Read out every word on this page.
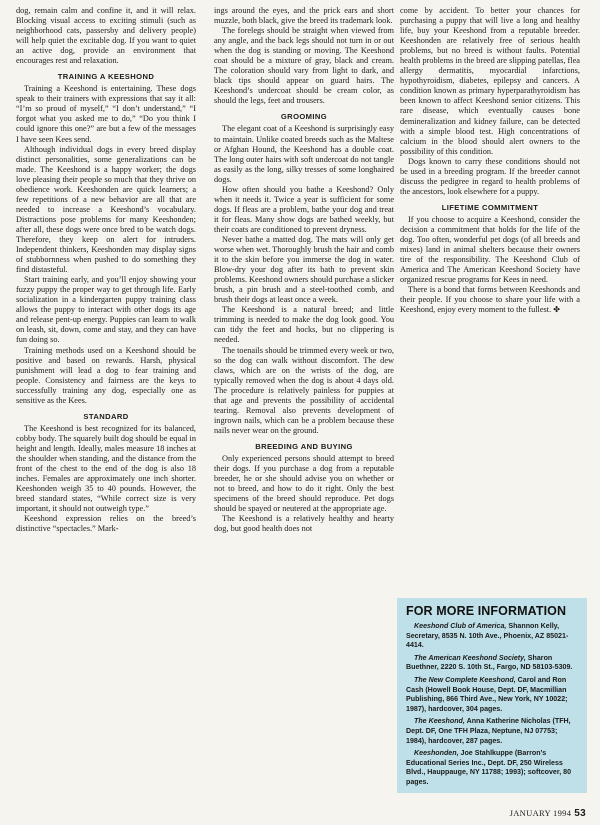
dog, remain calm and confine it, and it will relax. Blocking visual access to exciting stimuli (such as neighborhood cats, passersby and delivery people) will help quiet the excitable dog. If you want to quiet an active dog, provide an environment that encourages rest and relaxation.

TRAINING A KEESHOND

Training a Keeshond is entertaining. These dogs speak to their trainers with expressions that say it all: “I’m so proud of myself,” “I don’t understand,” “I forgot what you asked me to do,” “Do you think I could ignore this one?” are but a few of the messages I have seen Kees send.

Although individual dogs in every breed display distinct personalities, some generalizations can be made. The Keeshond is a happy worker; the dogs love pleasing their people so much that they thrive on obedience work. Keeshonden are quick learners; a few repetitions of a new behavior are all that are needed to increase a Keeshond’s vocabulary. Distractions pose problems for many Keeshonden; after all, these dogs were once bred to be watch dogs. Therefore, they keep on alert for intruders. Independent thinkers, Keeshonden may display signs of stubbornness when pushed to do something they find distasteful.

Start training early, and you’ll enjoy showing your fuzzy puppy the proper way to get through life. Early socialization in a kindergarten puppy training class allows the puppy to interact with other dogs its age and release pent-up energy. Puppies can learn to walk on leash, sit, down, come and stay, and they can have fun doing so.

Training methods used on a Keeshond should be positive and based on rewards. Harsh, physical punishment will lead a dog to fear training and people. Consistency and fairness are the keys to successfully training any dog, especially one as sensitive as the Kees.

STANDARD

The Keeshond is best recognized for its balanced, cobby body. The squarely built dog should be equal in height and length. Ideally, males measure 18 inches at the shoulder when standing, and the distance from the front of the chest to the end of the dog is also 18 inches. Females are approximately one inch shorter. Keeshonden weigh 35 to 40 pounds. However, the breed standard states, “While correct size is very important, it should not outweigh type.”

Keeshond expression relies on the breed’s distinctive “spectacles.” Mark-

ings around the eyes, and the prick ears and short muzzle, both black, give the breed its trademark look.

The forelegs should be straight when viewed from any angle, and the back legs should not turn in or out when the dog is standing or moving. The Keeshond coat should be a mixture of gray, black and cream. The coloration should vary from light to dark, and black tips should appear on guard hairs. The Keeshond’s undercoat should be cream color, as should the legs, feet and trousers.

GROOMING

The elegant coat of a Keeshond is surprisingly easy to maintain. Unlike coated breeds such as the Maltese or Afghan Hound, the Keeshond has a double coat. The long outer hairs with soft undercoat do not tangle as easily as the long, silky tresses of some longhaired dogs.

How often should you bathe a Keeshond? Only when it needs it. Twice a year is sufficient for some dogs. If fleas are a problem, bathe your dog and treat it for fleas. Many show dogs are bathed weekly, but their coats are conditioned to prevent dryness.

Never bathe a matted dog. The mats will only get worse when wet. Thoroughly brush the hair and comb it to the skin before you immerse the dog in water. Blow-dry your dog after its bath to prevent skin problems. Keeshond owners should purchase a slicker brush, a pin brush and a steel-toothed comb, and brush their dogs at least once a week.

The Keeshond is a natural breed; and little trimming is needed to make the dog look good. You can tidy the feet and hocks, but no clippering is needed.

The toenails should be trimmed every week or two, so the dog can walk without discomfort. The dew claws, which are on the wrists of the dog, are typically removed when the dog is about 4 days old. The procedure is relatively painless for puppies at that age and prevents the possibility of accidental tearing. Removal also prevents development of ingrown nails, which can be a problem because these nails never wear on the ground.

BREEDING AND BUYING

Only experienced persons should attempt to breed their dogs. If you purchase a dog from a reputable breeder, he or she should advise you on whether or not to breed, and how to do it right. Only the best specimens of the breed should reproduce. Pet dogs should be spayed or neutered at the appropriate age.

The Keeshond is a relatively healthy and hearty dog, but good health does not

come by accident. To better your chances for purchasing a puppy that will live a long and healthy life, buy your Keeshond from a reputable breeder. Keeshonden are relatively free of serious health problems, but no breed is without faults. Potential health problems in the breed are slipping patellas, flea allergy dermatitis, myocardial infarctions, hypothyroidism, diabetes, epilepsy and cancers. A condition known as primary hyperparathyroidism has been known to affect Keeshond senior citizens. This rare disease, which eventually causes bone demineralization and kidney failure, can be detected with a simple blood test. High concentrations of calcium in the blood should alert owners to the possibility of this condition.

Dogs known to carry these conditions should not be used in a breeding program. If the breeder cannot discuss the pedigree in regard to health problems of the ancestors, look elsewhere for a puppy.

LIFETIME COMMITMENT

If you choose to acquire a Keeshond, consider the decision a commitment that holds for the life of the dog. Too often, wonderful pet dogs (of all breeds and mixes) land in animal shelters because their owners tire of the responsibility. The Keeshond Club of America and The American Keeshond Society have organized rescue programs for Kees in need.

There is a bond that forms between Keeshonds and their people. If you choose to share your life with a Keeshond, enjoy every moment to the fullest. ✤

FOR MORE INFORMATION

Keeshond Club of America, Shannon Kelly, Secretary, 8535 N. 10th Ave., Phoenix, AZ 85021-4414.

The American Keeshond Society, Sharon Buethner, 2220 S. 10th St., Fargo, ND 58103-5309.

The New Complete Keeshond, Carol and Ron Cash (Howell Book House, Dept. DF, Macmillian Publishing, 866 Third Ave., New York, NY 10022; 1987), hardcover, 304 pages.

The Keeshond, Anna Katherine Nicholas (TFH, Dept. DF, One TFH Plaza, Neptune, NJ 07753; 1984), hardcover, 287 pages.

Keeshonden, Joe Stahlkuppe (Barron’s Educational Series Inc., Dept. DF, 250 Wireless Blvd., Hauppauge, NY 11788; 1993); softcover, 80 pages.

JANUARY 1994 53
